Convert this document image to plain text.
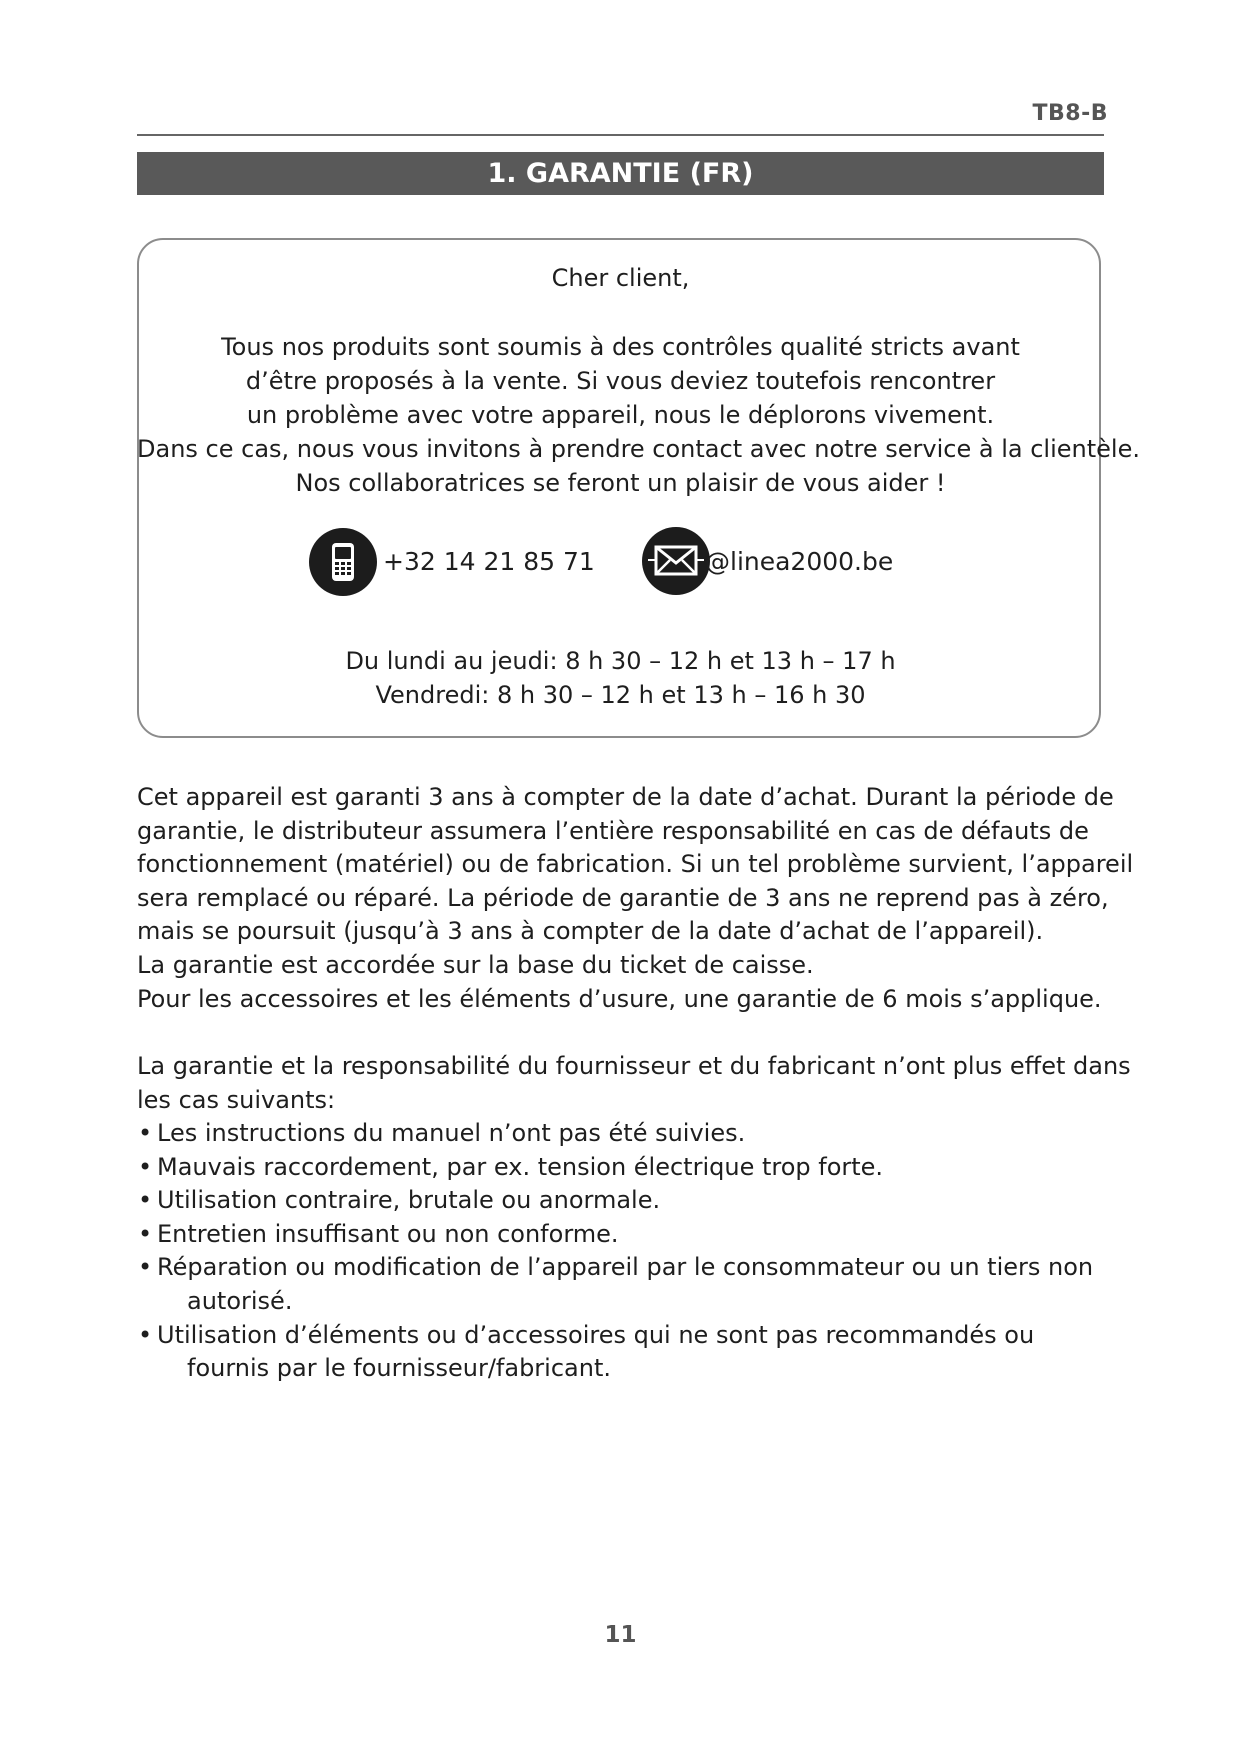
TB8-B
1. GARANTIE (FR)
Cher client,
Tous nos produits sont soumis à des contrôles qualité stricts avant
d’être proposés à la vente. Si vous deviez toutefois rencontrer
un problème avec votre appareil, nous le déplorons vivement.
Dans ce cas, nous vous invitons à prendre contact avec notre service à la clientèle.
Nos collaboratrices se feront un plaisir de vous aider !
+32 14 21 85 71	@linea2000.be
Du lundi au jeudi: 8 h 30 – 12 h et 13 h – 17 h
Vendredi: 8 h 30 – 12 h et 13 h – 16 h 30
Cet appareil est garanti 3 ans à compter de la date d’achat. Durant la période de
garantie, le distributeur assumera l’entière responsabilité en cas de défauts de
fonctionnement (matériel) ou de fabrication. Si un tel problème survient, l’appareil
sera remplacé ou réparé. La période de garantie de 3 ans ne reprend pas à zéro,
mais se poursuit (jusqu’à 3 ans à compter de la date d’achat de l’appareil).
La garantie est accordée sur la base du ticket de caisse.
Pour les accessoires et les éléments d’usure, une garantie de 6 mois s’applique.
La garantie et la responsabilité du fournisseur et du fabricant n’ont plus effet dans
les cas suivants:
• Les instructions du manuel n’ont pas été suivies.
• Mauvais raccordement, par ex. tension électrique trop forte.
• Utilisation contraire, brutale ou anormale.
• Entretien insuffisant ou non conforme.
• Réparation ou modification de l’appareil par le consommateur ou un tiers non
autorisé.
• Utilisation d’éléments ou d’accessoires qui ne sont pas recommandés ou
fournis par le fournisseur/fabricant.
11
